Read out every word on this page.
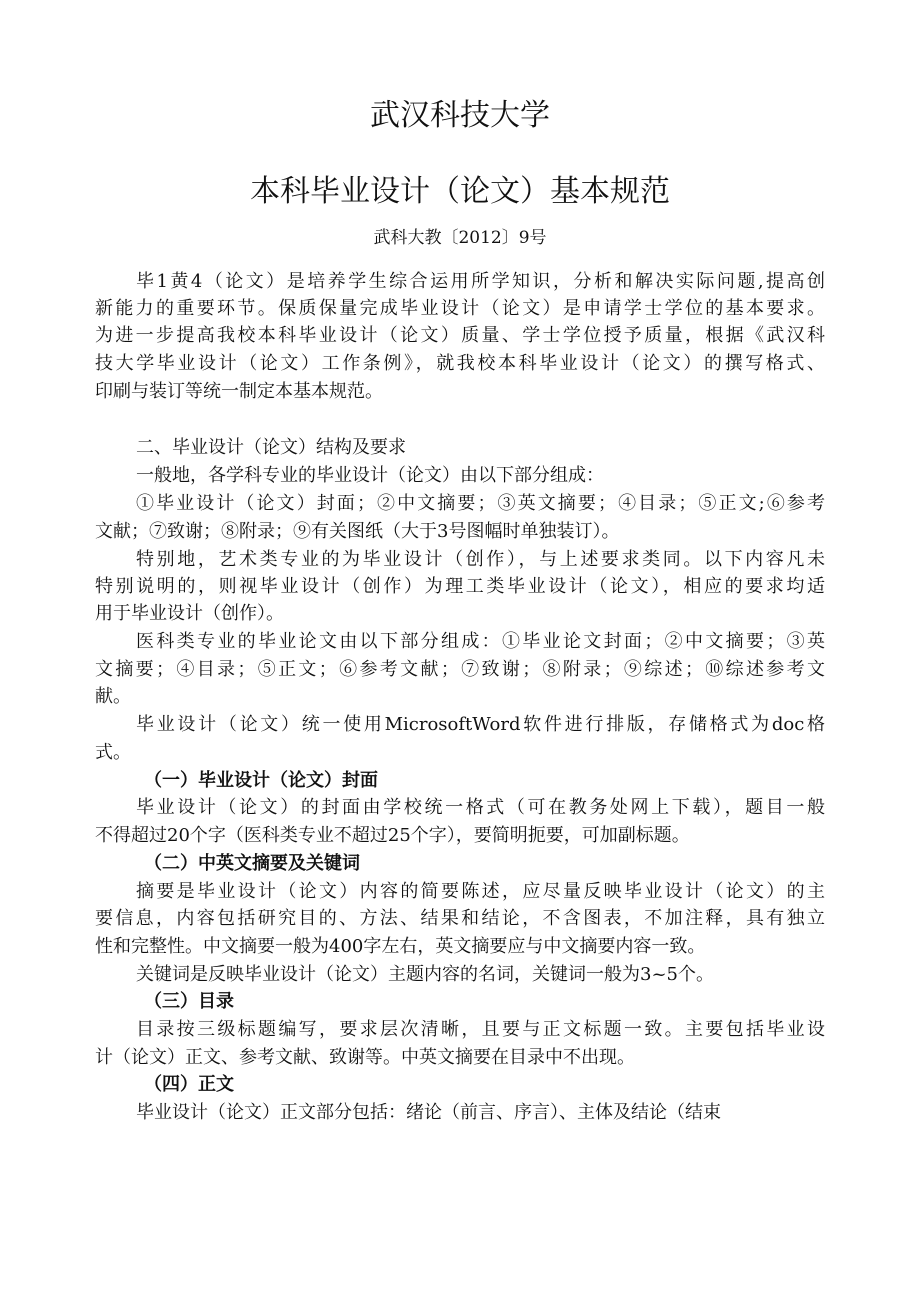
武汉科技大学
本科毕业设计（论文）基本规范
武科大教〔2012〕9号
毕1黄4（论文）是培养学生综合运用所学知识，分析和解决实际问题,提高创
新能力的重要环节。保质保量完成毕业设计（论文）是申请学士学位的基本要求。
为进一步提高我校本科毕业设计（论文）质量、学士学位授予质量，根据《武汉科
技大学毕业设计（论文）工作条例》，就我校本科毕业设计（论文）的撰写格式、
印刷与装订等统一制定本基本规范。
二、毕业设计（论文）结构及要求
一般地，各学科专业的毕业设计（论文）由以下部分组成：
①毕业设计（论文）封面；②中文摘要；③英文摘要；④目录；⑤正文;⑥参考
文献；⑦致谢；⑧附录；⑨有关图纸（大于3号图幅时单独装订）。
特别地，艺术类专业的为毕业设计（创作），与上述要求类同。以下内容凡未
特别说明的，则视毕业设计（创作）为理工类毕业设计（论文），相应的要求均适
用于毕业设计（创作）。
医科类专业的毕业论文由以下部分组成：①毕业论文封面；②中文摘要；③英
文摘要；④目录；⑤正文；⑥参考文献；⑦致谢；⑧附录；⑨综述；⑩综述参考文
献。
毕业设计（论文）统一使用MicrosoftWord软件进行排版，存储格式为doc格
式。
（一）毕业设计（论文）封面
毕业设计（论文）的封面由学校统一格式（可在教务处网上下载），题目一般
不得超过20个字（医科类专业不超过25个字），要简明扼要，可加副标题。
（二）中英文摘要及关键词
摘要是毕业设计（论文）内容的简要陈述，应尽量反映毕业设计（论文）的主
要信息，内容包括研究目的、方法、结果和结论，不含图表，不加注释，具有独立
性和完整性。中文摘要一般为400字左右，英文摘要应与中文摘要内容一致。
关键词是反映毕业设计（论文）主题内容的名词，关键词一般为3~5个。
（三）目录
目录按三级标题编写，要求层次清晰，且要与正文标题一致。主要包括毕业设
计（论文）正文、参考文献、致谢等。中英文摘要在目录中不出现。
（四）正文
毕业设计（论文）正文部分包括：绪论（前言、序言）、主体及结论（结束
